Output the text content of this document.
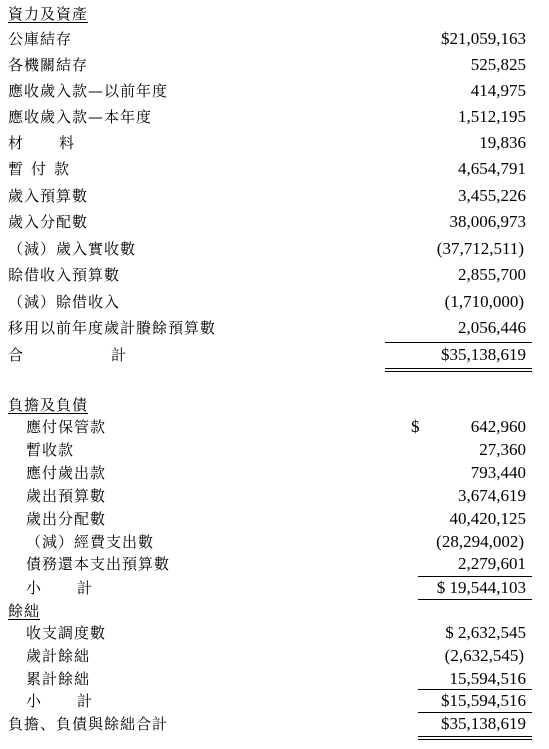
資力及資產
公庫結存	$21,059,163
各機關結存	525,825
應收歲入款—以前年度	414,975
應收歲入款—本年度	1,512,195
材料	19,836
暫付款	4,654,791
歲入預算數	3,455,226
歲入分配數	38,006,973
（減）歲入實收數	(37,712,511)
賒借收入預算數	2,855,700
（減）賒借收入	(1,710,000)
移用以前年度歲計賸餘預算數	2,056,446
合計	$35,138,619
負擔及負債
應付保管款	$	642,960
暫收款	27,360
應付歲出款	793,440
歲出預算數	3,674,619
歲出分配數	40,420,125
（減）經費支出數	(28,294,002)
債務還本支出預算數	2,279,601
小計	$ 19,544,103
餘絀
收支調度數	$ 2,632,545
歲計餘絀	(2,632,545)
累計餘絀	15,594,516
小計	$15,594,516
負擔、負債與餘絀合計	$35,138,619
